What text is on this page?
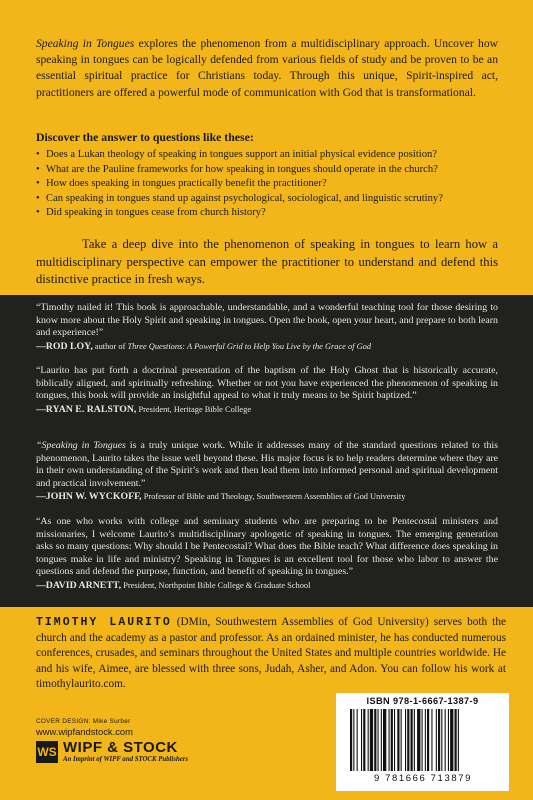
Speaking in Tongues explores the phenomenon from a multidisciplinary approach. Uncover how speaking in tongues can be logically defended from various fields of study and be proven to be an essential spiritual practice for Christians today. Through this unique, Spirit-inspired act, practitioners are offered a powerful mode of communication with God that is transformational.

Discover the answer to questions like these:

• Does a Lukan theology of speaking in tongues support an initial physical evidence position?
• What are the Pauline frameworks for how speaking in tongues should operate in the church?
• How does speaking in tongues practically benefit the practitioner?
• Can speaking in tongues stand up against psychological, sociological, and linguistic scrutiny?
• Did speaking in tongues cease from church history?

Take a deep dive into the phenomenon of speaking in tongues to learn how a multidisciplinary perspective can empower the practitioner to understand and defend this distinctive practice in fresh ways.

“Timothy nailed it! This book is approachable, understandable, and a wonderful teaching tool for those desiring to know more about the Holy Spirit and speaking in tongues. Open the book, open your heart, and prepare to both learn and experience!”

—ROD LOY, author of Three Questions: A Powerful Grid to Help You Live by the Grace of God

“Laurito has put forth a doctrinal presentation of the baptism of the Holy Ghost that is historically accurate, biblically aligned, and spiritually refreshing. Whether or not you have experienced the phenomenon of speaking in tongues, this book will provide an insightful appeal to what it truly means to be Spirit baptized.”

—RYAN E. RALSTON, President, Heritage Bible College

“Speaking in Tongues is a truly unique work. While it addresses many of the standard questions related to this phenomenon, Laurito takes the issue well beyond these. His major focus is to help readers determine where they are in their own understanding of the Spirit’s work and then lead them into informed personal and spiritual development and practical involvement.”

—JOHN W. WYCKOFF, Professor of Bible and Theology, Southwestern Assemblies of God University

“As one who works with college and seminary students who are preparing to be Pentecostal ministers and missionaries, I welcome Laurito’s multidisciplinary apologetic of speaking in tongues. The emerging generation asks so many questions: Why should I be Pentecostal? What does the Bible teach? What difference does speaking in tongues make in life and ministry? Speaking in Tongues is an excellent tool for those who labor to answer the questions and defend the purpose, function, and benefit of speaking in tongues.”

—DAVID ARNETT, President, Northpoint Bible College & Graduate School

TIMOTHY LAURITO (DMin, Southwestern Assemblies of God University) serves both the church and the academy as a pastor and professor. As an ordained minister, he has conducted numerous conferences, crusades, and seminars throughout the United States and multiple countries worldwide. He and his wife, Aimee, are blessed with three sons, Judah, Asher, and Adon. You can follow his work at timothylaurito.com.

COVER DESIGN: Mike Surber
www.wipfandstock.com
WS WIPF & STOCK
An Imprint of WIPF and STOCK Publishers
ISBN 978-1-6667-1387-9
9 781666 713879
